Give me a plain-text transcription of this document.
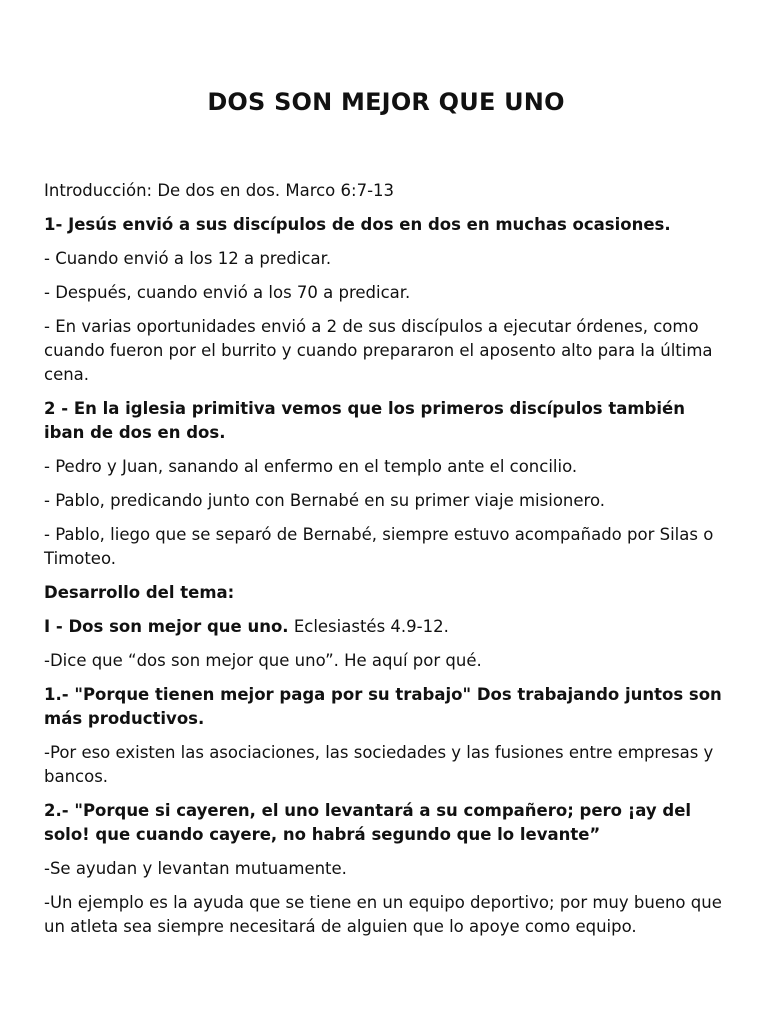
DOS SON MEJOR QUE UNO

Introducción: De dos en dos. Marco 6:7-13

1- Jesús envió a sus discípulos de dos en dos en muchas ocasiones.

- Cuando envió a los 12 a predicar.

- Después, cuando envió a los 70 a predicar.

- En varias oportunidades envió a 2 de sus discípulos a ejecutar órdenes, como cuando fueron por el burrito y cuando prepararon el aposento alto para la última cena.

2 - En la iglesia primitiva vemos que los primeros discípulos también iban de dos en dos.

- Pedro y Juan, sanando al enfermo en el templo ante el concilio.

- Pablo, predicando junto con Bernabé en su primer viaje misionero.

- Pablo, liego que se separó de Bernabé, siempre estuvo acompañado por Silas o Timoteo.

Desarrollo del tema:

I - Dos son mejor que uno. Eclesiastés 4.9-12.

-Dice que “dos son mejor que uno”. He aquí por qué.

1.- "Porque tienen mejor paga por su trabajo" Dos trabajando juntos son más productivos.

-Por eso existen las asociaciones, las sociedades y las fusiones entre empresas y bancos.

2.- "Porque si cayeren, el uno levantará a su compañero; pero ¡ay del solo! que cuando cayere, no habrá segundo que lo levante”

-Se ayudan y levantan mutuamente.

-Un ejemplo es la ayuda que se tiene en un equipo deportivo; por muy bueno que un atleta sea siempre necesitará de alguien que lo apoye como equipo.
